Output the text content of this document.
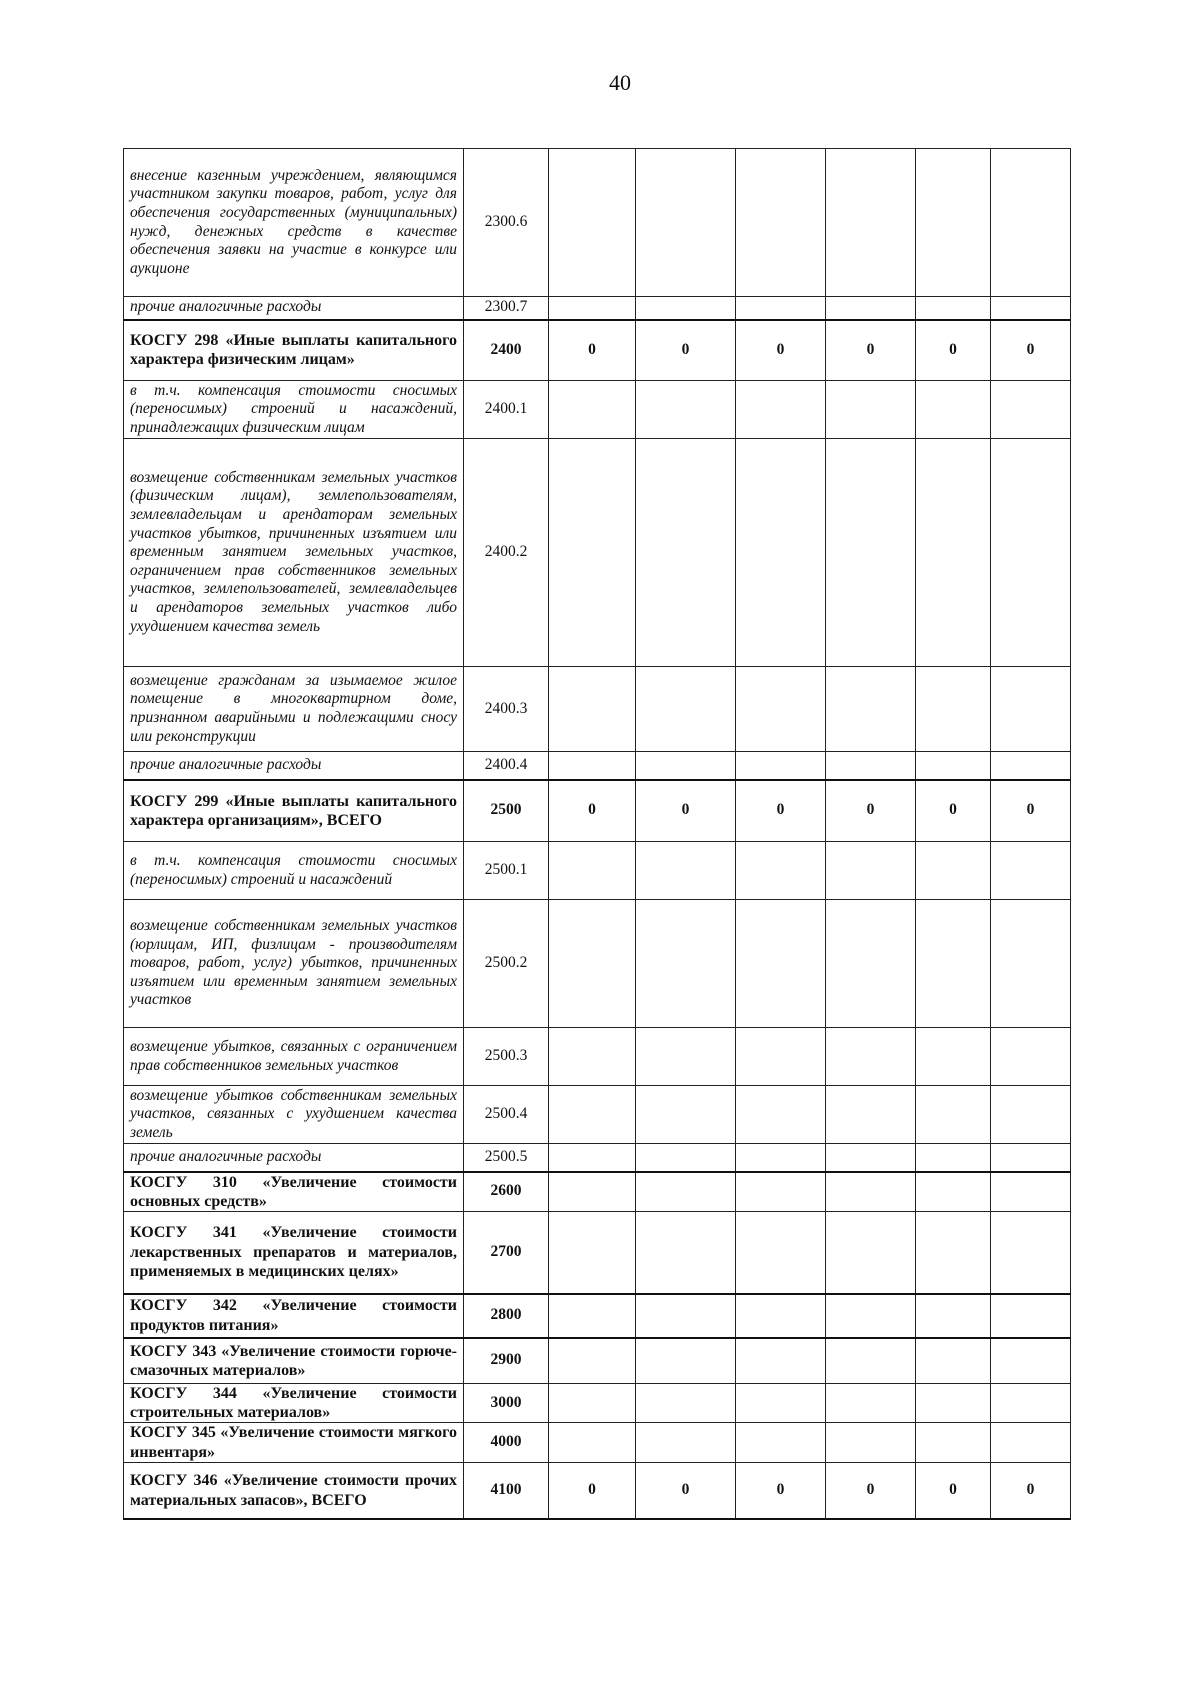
40
внесение казенным учреждением, являющимся участником закупки товаров, работ, услуг для обеспечения государственных (муниципальных) нужд, денежных средств в качестве обеспечения заявки на участие в конкурсе или аукционе	2300.6						
прочие аналогичные расходы	2300.7						
КОСГУ 298 «Иные выплаты капитального характера физическим лицам»	2400	0	0	0	0	0	0
в т.ч. компенсация стоимости сносимых (переносимых) строений и насаждений, принадлежащих физическим лицам	2400.1						
возмещение собственникам земельных участков (физическим лицам), землепользователям, землевладельцам и арендаторам земельных участков убытков, причиненных изъятием или временным занятием земельных участков, ограничением прав собственников земельных участков, землепользователей, землевладельцев и арендаторов земельных участков либо ухудшением качества земель	2400.2						
возмещение гражданам за изымаемое жилое помещение в многоквартирном доме, признанном аварийными и подлежащими сносу или реконструкции	2400.3						
прочие аналогичные расходы	2400.4						
КОСГУ 299 «Иные выплаты капитального характера организациям», ВСЕГО	2500	0	0	0	0	0	0
в т.ч. компенсация стоимости сносимых (переносимых) строений и насаждений	2500.1						
возмещение собственникам земельных участков (юрлицам, ИП, физлицам - производителям товаров, работ, услуг) убытков, причиненных изъятием или временным занятием земельных участков	2500.2						
возмещение убытков, связанных с ограничением прав собственников земельных участков	2500.3						
возмещение убытков собственникам земельных участков, связанных с ухудшением качества земель	2500.4						
прочие аналогичные расходы	2500.5						
КОСГУ 310 «Увеличение стоимости основных средств»	2600						
КОСГУ 341 «Увеличение стоимости лекарственных препаратов и материалов, применяемых в медицинских целях»	2700						
КОСГУ 342 «Увеличение стоимости продуктов питания»	2800						
КОСГУ 343 «Увеличение стоимости горюче-смазочных материалов»	2900						
КОСГУ 344 «Увеличение стоимости строительных материалов»	3000						
КОСГУ 345 «Увеличение стоимости мягкого инвентаря»	4000						
КОСГУ 346 «Увеличение стоимости прочих материальных запасов», ВСЕГО	4100	0	0	0	0	0	0
